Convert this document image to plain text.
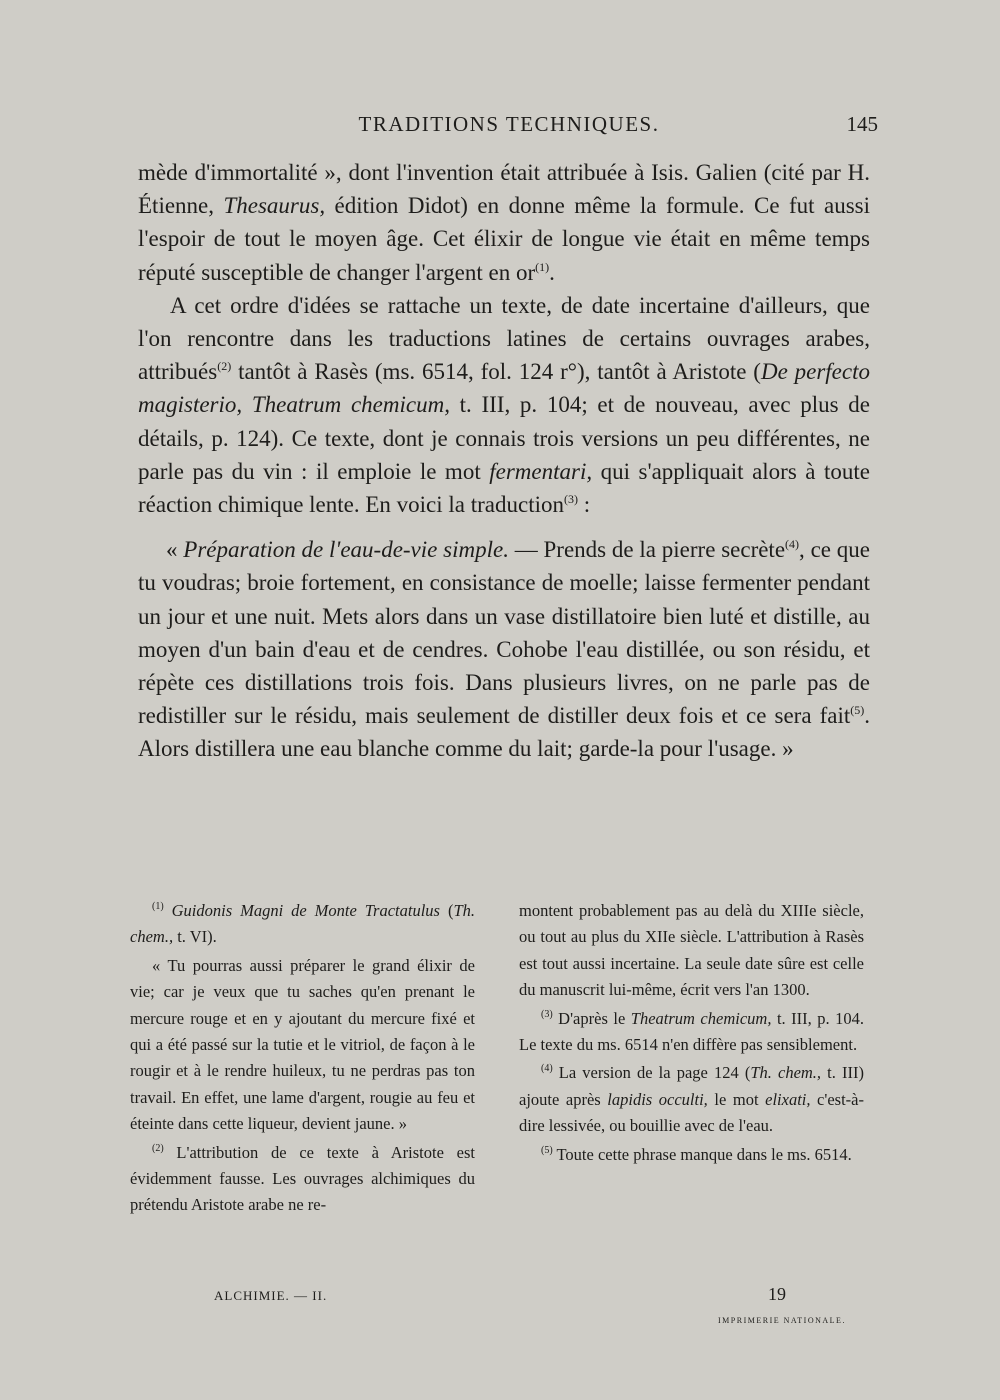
TRADITIONS TECHNIQUES.	145

mède d'immortalité », dont l'invention était attribuée à Isis. Galien (cité par H. Étienne, Thesaurus, édition Didot) en donne même la formule. Ce fut aussi l'espoir de tout le moyen âge. Cet élixir de longue vie était en même temps réputé susceptible de changer l'argent en $or^{(1)}$.

A cet ordre d'idées se rattache un texte, de date incertaine d'ailleurs, que l'on rencontre dans les traductions latines de certains ouvrages arabes, attribués$^{(2)}$ tantôt à Rasès (ms. 6514, fol. 124 r°), tantôt à Aristote (De perfecto magisterio, Theatrum chemicum, t. III, p. 104; et de nouveau, avec plus de détails, p. 124). Ce texte, dont je connais trois versions un peu différentes, ne parle pas du vin : il emploie le mot fermentari, qui s'appliquait alors à toute réaction chimique lente. En voici la traduction$^{(3)}$ :

« Préparation de l'eau-de-vie simple. — Prends de la pierre secrète$^{(4)}$, ce que tu voudras; broie fortement, en consistance de moelle; laisse fermenter pendant un jour et une nuit. Mets alors dans un vase distillatoire bien luté et distille, au moyen d'un bain d'eau et de cendres. Cohobe l'eau distillée, ou son résidu, et répète ces distillations trois fois. Dans plusieurs livres, on ne parle pas de redistiller sur le résidu, mais seulement de distiller deux fois et ce sera fait$^{(5)}$. Alors distillera une eau blanche comme du lait; garde-la pour l'usage. »

$^{(1)}$ Guidonis Magni de Monte Tractatulus (Th. chem., t. VI).

« Tu pourras aussi préparer le grand élixir de vie; car je veux que tu saches qu'en prenant le mercure rouge et en y ajoutant du mercure fixé et qui a été passé sur la tutie et le vitriol, de façon à le rougir et à le rendre huileux, tu ne perdras pas ton travail. En effet, une lame d'argent, rougie au feu et éteinte dans cette liqueur, devient jaune. »

$^{(2)}$ L'attribution de ce texte à Aristote est évidemment fausse. Les ouvrages alchimiques du prétendu Aristote arabe ne re-

montent probablement pas au delà du XIIIe siècle, ou tout au plus du XIIe siècle. L'attribution à Rasès est tout aussi incertaine. La seule date sûre est celle du manuscrit lui-même, écrit vers l'an 1300.

$^{(3)}$ D'après le Theatrum chemicum, t. III, p. 104. Le texte du ms. 6514 n'en diffère pas sensiblement.

$^{(4)}$ La version de la page 124 (Th. chem., t. III) ajoute après lapidis occulti, le mot elixati, c'est-à-dire lessivée, ou bouillie avec de l'eau.

$^{(5)}$ Toute cette phrase manque dans le ms. 6514.

ALCHIMIE. — II.	19
IMPRIMERIE NATIONALE.
